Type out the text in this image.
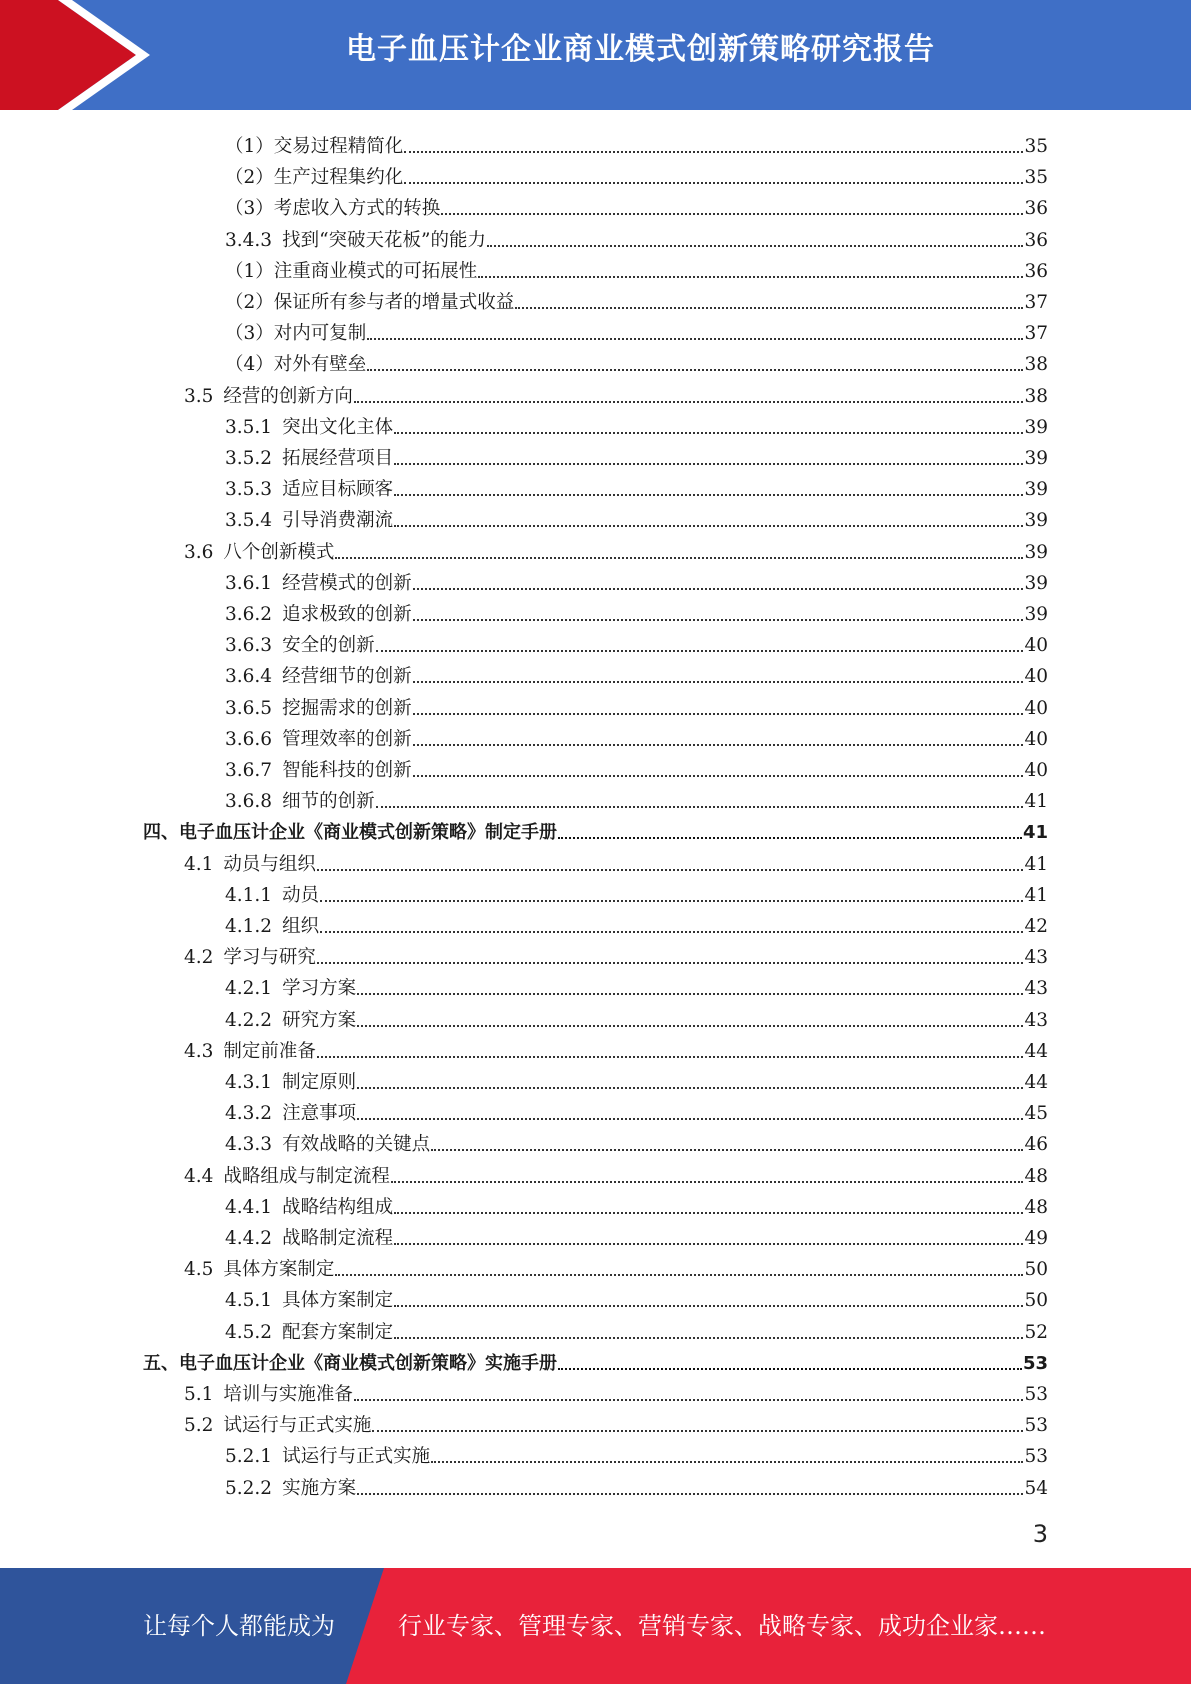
电子血压计企业商业模式创新策略研究报告
（1） 交易过程精简化	35
（2） 生产过程集约化	35
（3） 考虑收入方式的转换	36
3.4.3 找到“突破天花板”的能力	36
（1） 注重商业模式的可拓展性	36
（2） 保证所有参与者的增量式收益	37
（3） 对内可复制	37
（4） 对外有壁垒	38
3.5 经营的创新方向	38
3.5.1 突出文化主体	39
3.5.2 拓展经营项目	39
3.5.3 适应目标顾客	39
3.5.4 引导消费潮流	39
3.6 八个创新模式	39
3.6.1 经营模式的创新	39
3.6.2 追求极致的创新	39
3.6.3 安全的创新	40
3.6.4 经营细节的创新	40
3.6.5 挖掘需求的创新	40
3.6.6 管理效率的创新	40
3.6.7 智能科技的创新	40
3.6.8 细节的创新	41
四、 电子血压计企业《商业模式创新策略》制定手册	41
4.1 动员与组织	41
4.1.1 动员	41
4.1.2 组织	42
4.2 学习与研究	43
4.2.1 学习方案	43
4.2.2 研究方案	43
4.3 制定前准备	44
4.3.1 制定原则	44
4.3.2 注意事项	45
4.3.3 有效战略的关键点	46
4.4 战略组成与制定流程	48
4.4.1 战略结构组成	48
4.4.2 战略制定流程	49
4.5 具体方案制定	50
4.5.1 具体方案制定	50
4.5.2 配套方案制定	52
五、 电子血压计企业《商业模式创新策略》实施手册	53
5.1 培训与实施准备	53
5.2 试运行与正式实施	53
5.2.1 试运行与正式实施	53
5.2.2 实施方案	54
3
让每个人都能成为	行业专家、管理专家、营销专家、战略专家、成功企业家……
